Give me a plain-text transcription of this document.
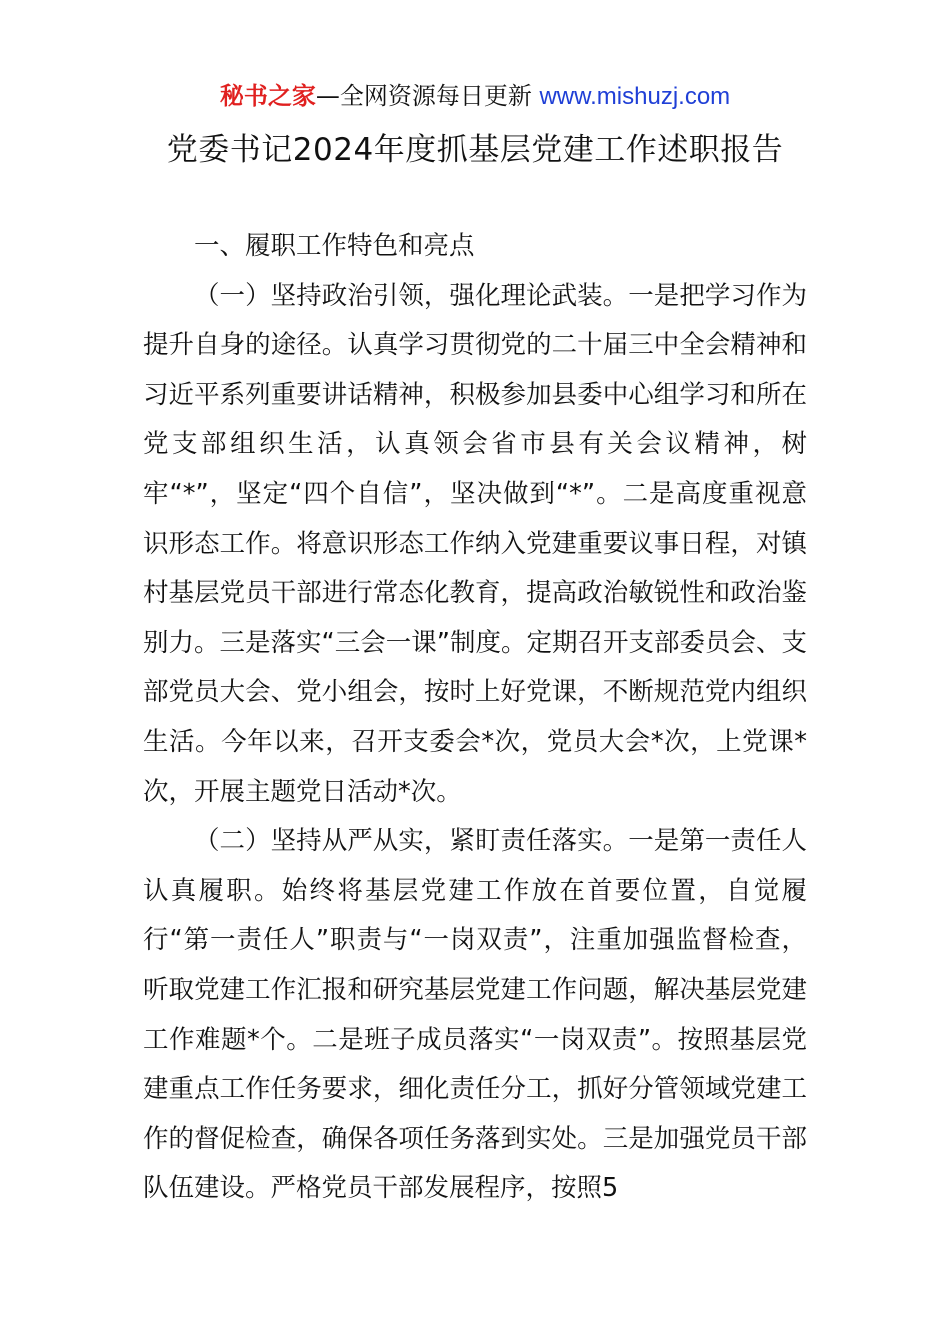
秘书之家—全网资源每日更新 www.mishuzj.com
党委书记2024年度抓基层党建工作述职报告

一、履职工作特色和亮点

（一）坚持政治引领，强化理论武装。一是把学习作为提升自身的途径。认真学习贯彻党的二十届三中全会精神和习近平系列重要讲话精神，积极参加县委中心组学习和所在党支部组织生活，认真领会省市县有关会议精神，树牢“*”，坚定“四个自信”，坚决做到“*”。二是高度重视意识形态工作。将意识形态工作纳入党建重要议事日程，对镇村基层党员干部进行常态化教育，提高政治敏锐性和政治鉴别力。三是落实“三会一课”制度。定期召开支部委员会、支部党员大会、党小组会，按时上好党课，不断规范党内组织生活。今年以来，召开支委会*次，党员大会*次，上党课*次，开展主题党日活动*次。

（二）坚持从严从实，紧盯责任落实。一是第一责任人认真履职。始终将基层党建工作放在首要位置，自觉履行“第一责任人”职责与“一岗双责”，注重加强监督检查，听取党建工作汇报和研究基层党建工作问题，解决基层党建工作难题*个。二是班子成员落实“一岗双责”。按照基层党建重点工作任务要求，细化责任分工，抓好分管领域党建工作的督促检查，确保各项任务落到实处。三是加强党员干部队伍建设。严格党员干部发展程序，按照5
